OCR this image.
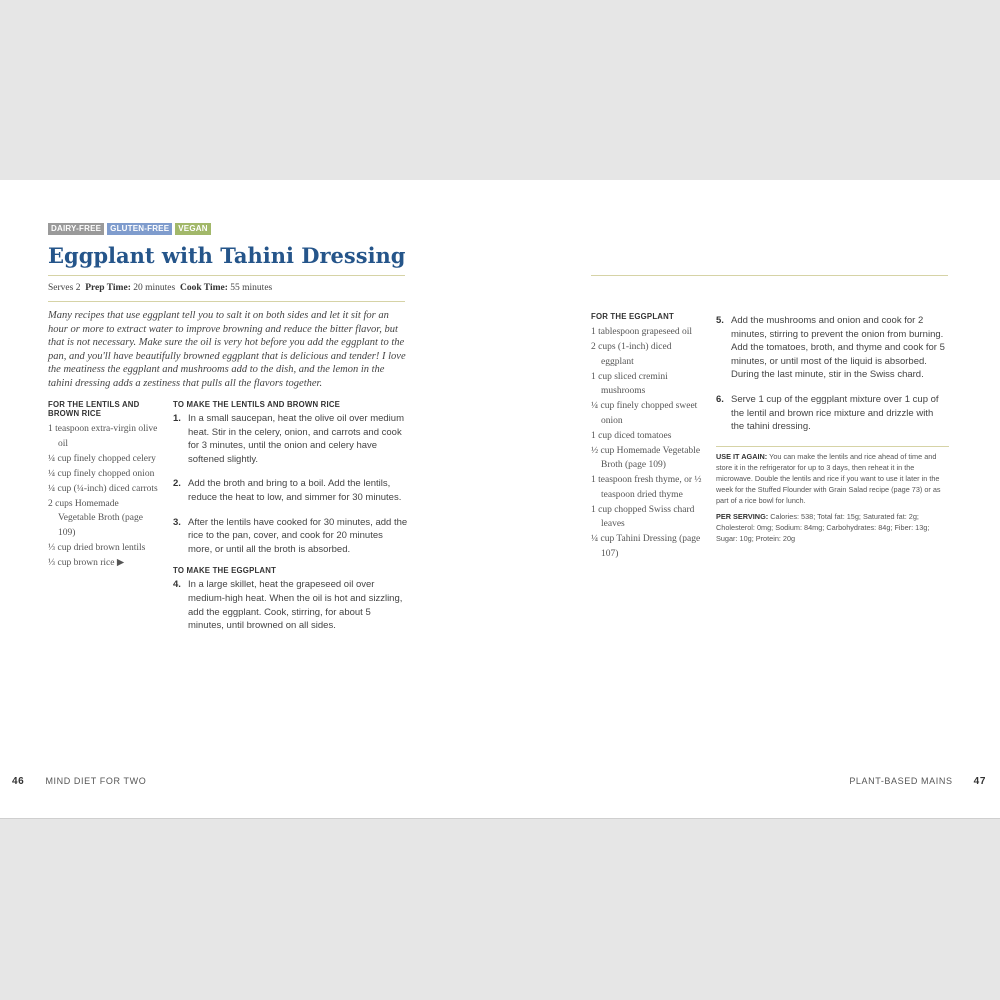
DAIRY-FREE	GLUTEN-FREE	VEGAN
Eggplant with Tahini Dressing
Serves 2 Prep Time: 20 minutes Cook Time: 55 minutes

Many recipes that use eggplant tell you to salt it on both sides and let it sit for an hour or more to extract water to improve browning and reduce the bitter flavor, but that is not necessary. Make sure the oil is very hot before you add the eggplant to the pan, and you'll have beautifully browned eggplant that is delicious and tender! I love the meatiness the eggplant and mushrooms add to the dish, and the lemon in the tahini dressing adds a zestiness that pulls all the flavors together.

FOR THE LENTILS AND BROWN RICE
1 teaspoon extra-virgin olive oil
¼ cup finely chopped celery
¼ cup finely chopped onion
¼ cup (¼-inch) diced carrots
2 cups Homemade Vegetable Broth (page 109)
⅓ cup dried brown lentils
⅓ cup brown rice ▶
TO MAKE THE LENTILS AND BROWN RICE
1. In a small saucepan, heat the olive oil over medium heat. Stir in the celery, onion, and carrots and cook for 3 minutes, until the onion and celery have softened slightly.
2. Add the broth and bring to a boil. Add the lentils, reduce the heat to low, and simmer for 30 minutes.
3. After the lentils have cooked for 30 minutes, add the rice to the pan, cover, and cook for 20 minutes more, or until all the broth is absorbed.
TO MAKE THE EGGPLANT
4. In a large skillet, heat the grapeseed oil over medium-high heat. When the oil is hot and sizzling, add the eggplant. Cook, stirring, for about 5 minutes, until browned on all sides.
FOR THE EGGPLANT
1 tablespoon grapeseed oil
2 cups (1-inch) diced eggplant
1 cup sliced cremini mushrooms
¼ cup finely chopped sweet onion
1 cup diced tomatoes
½ cup Homemade Vegetable Broth (page 109)
1 teaspoon fresh thyme, or ½ teaspoon dried thyme
1 cup chopped Swiss chard leaves
¼ cup Tahini Dressing (page 107)
5. Add the mushrooms and onion and cook for 2 minutes, stirring to prevent the onion from burning. Add the tomatoes, broth, and thyme and cook for 5 minutes, or until most of the liquid is absorbed. During the last minute, stir in the Swiss chard.
6. Serve 1 cup of the eggplant mixture over 1 cup of the lentil and brown rice mixture and drizzle with the tahini dressing.

USE IT AGAIN: You can make the lentils and rice ahead of time and store it in the refrigerator for up to 3 days, then reheat it in the microwave. Double the lentils and rice if you want to use it later in the week for the Stuffed Flounder with Grain Salad recipe (page 73) or as part of a rice bowl for lunch.

PER SERVING: Calories: 538; Total fat: 15g; Saturated fat: 2g; Cholesterol: 0mg; Sodium: 84mg; Carbohydrates: 84g; Fiber: 13g; Sugar: 10g; Protein: 20g

46 MIND DIET FOR TWO	PLANT-BASED MAINS 47
